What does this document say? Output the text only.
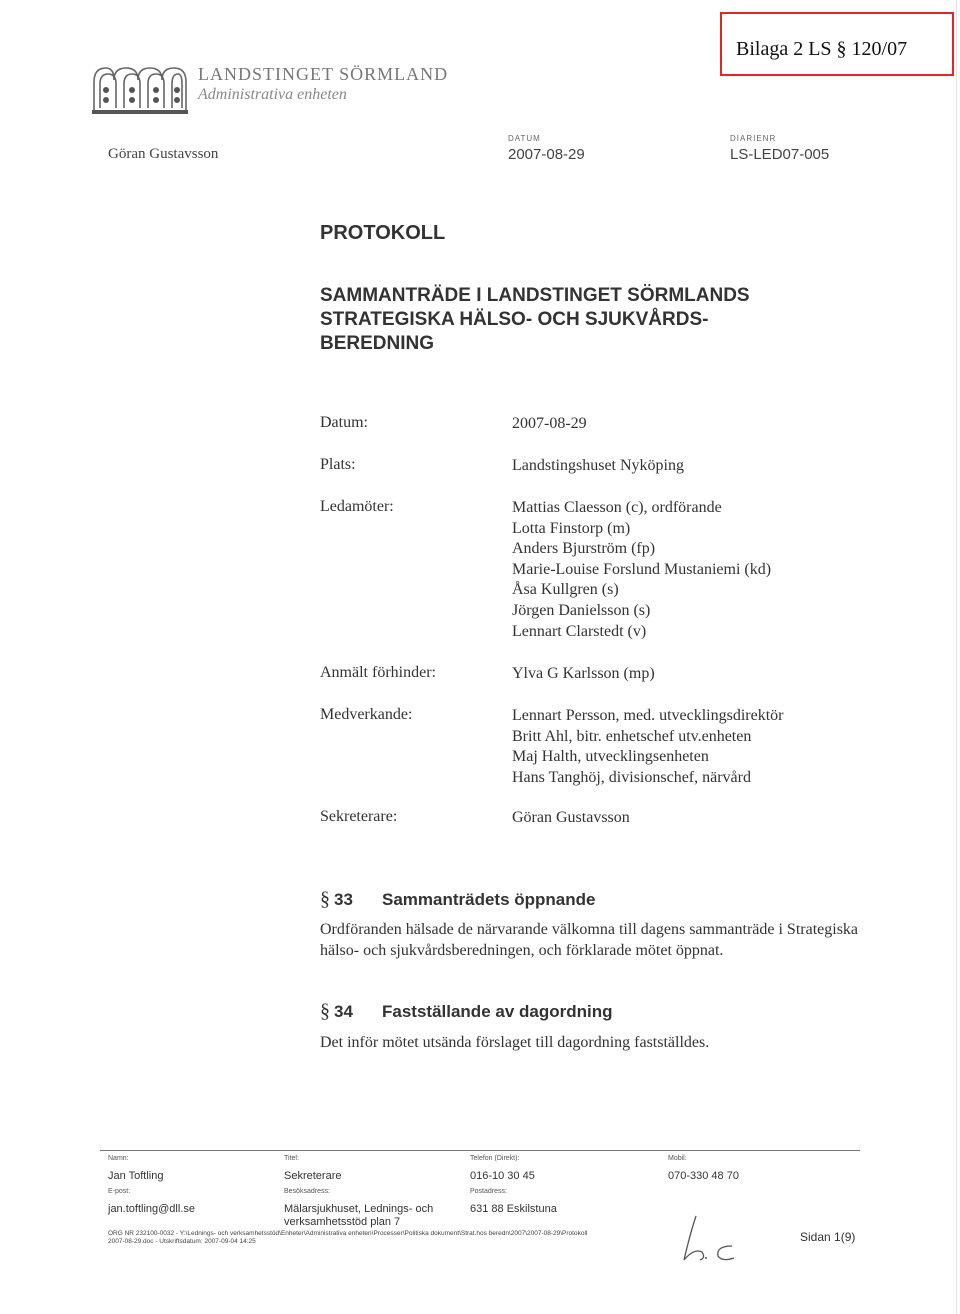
Bilaga 2 LS § 120/07
LANDSTINGET SÖRMLAND
Administrativa enheten
Göran Gustavsson
DATUM
2007-08-29
DIARIENR
LS-LED07-005
PROTOKOLL
SAMMANTRÄDE I LANDSTINGET SÖRMLANDS STRATEGISKA HÄLSO- OCH SJUKVÅRDS-BEREDNING
Datum:	2007-08-29
Plats:	Landstingshuset Nyköping
Ledamöter:	Mattias Claesson (c), ordförande
Lotta Finstorp (m)
Anders Bjurström (fp)
Marie-Louise Forslund Mustaniemi (kd)
Åsa Kullgren (s)
Jörgen Danielsson (s)
Lennart Clarstedt (v)
Anmält förhinder:	Ylva G Karlsson (mp)
Medverkande:	Lennart Persson, med. utvecklingsdirektör
Britt Ahl, bitr. enhetschef utv.enheten
Maj Halth, utvecklingsenheten
Hans Tanghöj, divisionschef, närvård
Sekreterare:	Göran Gustavsson
§ 33 Sammanträdets öppnande
Ordföranden hälsade de närvarande välkomna till dagens sammanträde i Strategiska hälso- och sjukvårdsberedningen, och förklarade mötet öppnat.
§ 34 Fastställande av dagordning
Det inför mötet utsända förslaget till dagordning fastställdes.
Namn:
Jan Toftling
E-post:
jan.toftling@dll.se
Titel:
Sekreterare
Besöksadress:
Mälarsjukhuset, Lednings- och verksamhetsstöd plan 7
Telefon (Direkt):
016-10 30 45
Postadress:
631 88 Eskilstuna
Mobil:
070-330 48 70
ORG NR 232100-0032 - Y:\Lednings- och verksamhetsstöd\Enheter\Administrativa enheten\Processer\Politiska dokument\Strat.hos beredn\2007\2007-08-29\Protokoll
2007-08-29.doc - Utskriftsdatum: 2007-09-04 14:25	Sidan 1(9)
